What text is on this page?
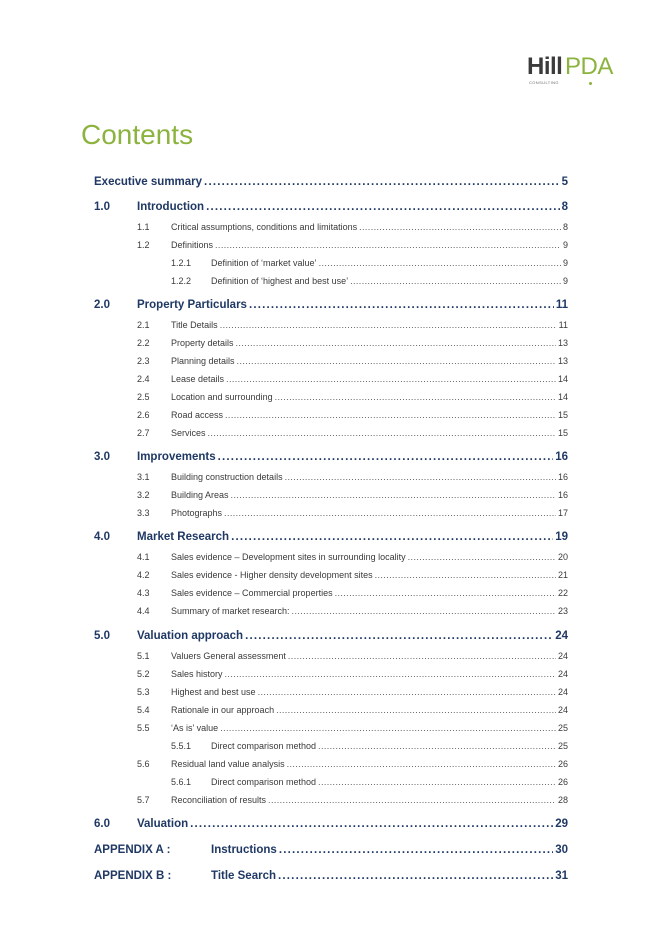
Hill PDA
CONSULTING
Contents
Executive summary .....	5
1.0	Introduction .....	8
1.1	Critical assumptions, conditions and limitations .....	8
1.2	Definitions .....	9
1.2.1	Definition of ‘market value’ .....	9
1.2.2	Definition of ‘highest and best use’ .....	9
2.0	Property Particulars .....	11
2.1	Title Details .....	11
2.2	Property details .....	13
2.3	Planning details .....	13
2.4	Lease details .....	14
2.5	Location and surrounding .....	14
2.6	Road access .....	15
2.7	Services .....	15
3.0	Improvements .....	16
3.1	Building construction details .....	16
3.2	Building Areas .....	16
3.3	Photographs .....	17
4.0	Market Research .....	19
4.1	Sales evidence – Development sites in surrounding locality .....	20
4.2	Sales evidence - Higher density development sites .....	21
4.3	Sales evidence – Commercial properties .....	22
4.4	Summary of market research: .....	23
5.0	Valuation approach .....	24
5.1	Valuers General assessment .....	24
5.2	Sales history .....	24
5.3	Highest and best use .....	24
5.4	Rationale in our approach .....	24
5.5	‘As is’ value .....	25
5.5.1	Direct comparison method .....	25
5.6	Residual land value analysis .....	26
5.6.1	Direct comparison method .....	26
5.7	Reconciliation of results .....	28
6.0	Valuation .....	29
APPENDIX A :	Instructions .....	30
APPENDIX B :	Title Search .....	31
